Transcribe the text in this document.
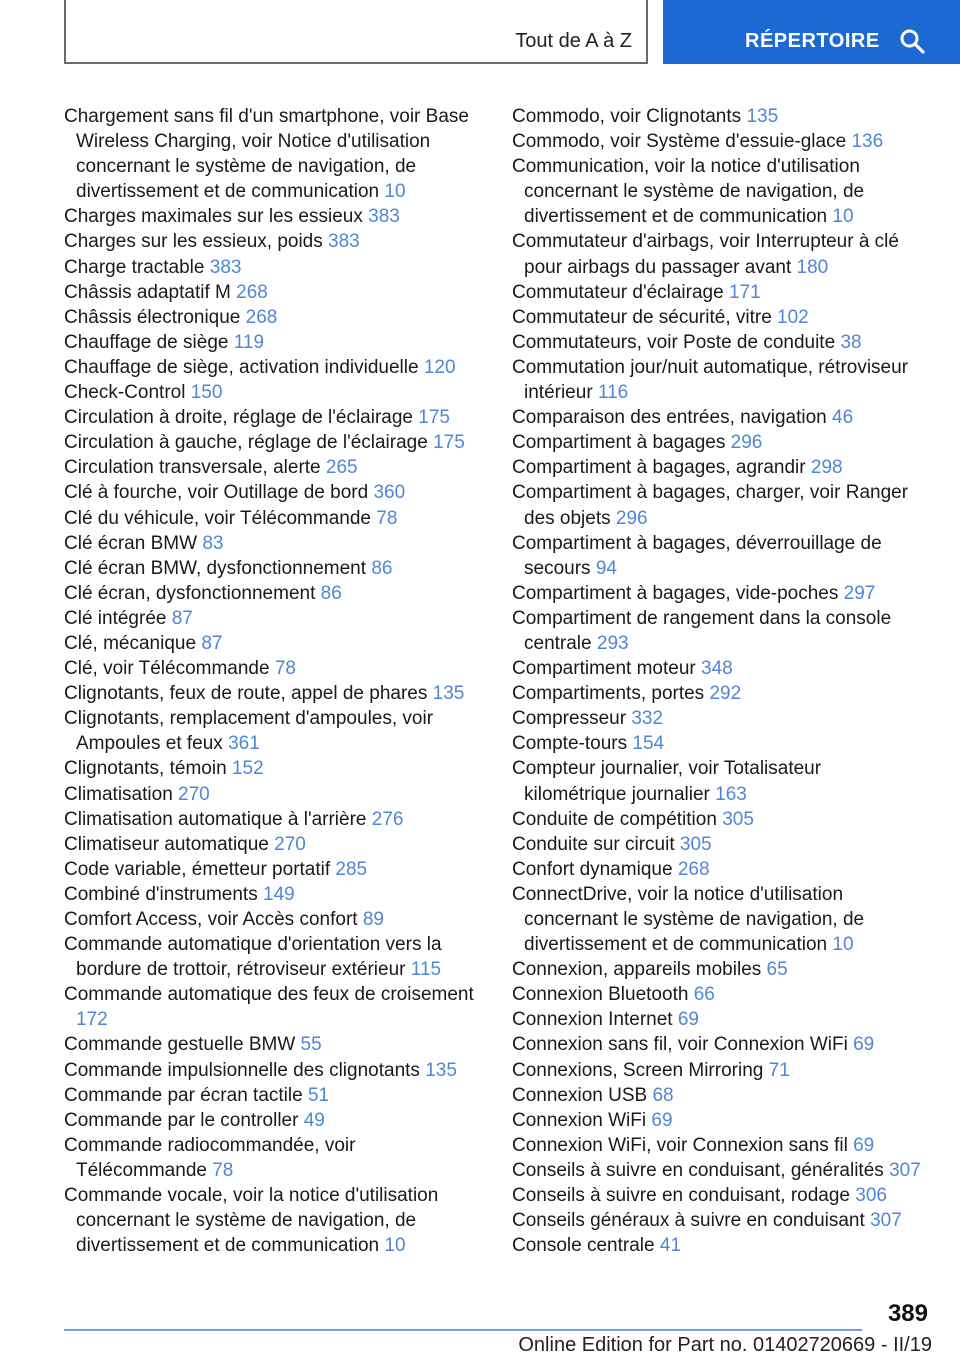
Tout de A à Z	RÉPERTOIRE
Chargement sans fil d'un smartphone, voir Base Wireless Charging, voir Notice d'utilisation concernant le système de navigation, de divertissement et de communication 10
Charges maximales sur les essieux 383
Charges sur les essieux, poids 383
Charge tractable 383
Châssis adaptatif M 268
Châssis électronique 268
Chauffage de siège 119
Chauffage de siège, activation individuelle 120
Check-Control 150
Circulation à droite, réglage de l'éclairage 175
Circulation à gauche, réglage de l'éclairage 175
Circulation transversale, alerte 265
Clé à fourche, voir Outillage de bord 360
Clé du véhicule, voir Télécommande 78
Clé écran BMW 83
Clé écran BMW, dysfonctionnement 86
Clé écran, dysfonctionnement 86
Clé intégrée 87
Clé, mécanique 87
Clé, voir Télécommande 78
Clignotants, feux de route, appel de phares 135
Clignotants, remplacement d'ampoules, voir Ampoules et feux 361
Clignotants, témoin 152
Climatisation 270
Climatisation automatique à l'arrière 276
Climatiseur automatique 270
Code variable, émetteur portatif 285
Combiné d'instruments 149
Comfort Access, voir Accès confort 89
Commande automatique d'orientation vers la bordure de trottoir, rétroviseur extérieur 115
Commande automatique des feux de croisement 172
Commande gestuelle BMW 55
Commande impulsionnelle des clignotants 135
Commande par écran tactile 51
Commande par le controller 49
Commande radiocommandée, voir Télécommande 78
Commande vocale, voir la notice d'utilisation concernant le système de navigation, de divertissement et de communication 10
Commodo, voir Clignotants 135
Commodo, voir Système d'essuie-glace 136
Communication, voir la notice d'utilisation concernant le système de navigation, de divertissement et de communication 10
Commutateur d'airbags, voir Interrupteur à clé pour airbags du passager avant 180
Commutateur d'éclairage 171
Commutateur de sécurité, vitre 102
Commutateurs, voir Poste de conduite 38
Commutation jour/nuit automatique, rétroviseur intérieur 116
Comparaison des entrées, navigation 46
Compartiment à bagages 296
Compartiment à bagages, agrandir 298
Compartiment à bagages, charger, voir Ranger des objets 296
Compartiment à bagages, déverrouillage de secours 94
Compartiment à bagages, vide-poches 297
Compartiment de rangement dans la console centrale 293
Compartiment moteur 348
Compartiments, portes 292
Compresseur 332
Compte-tours 154
Compteur journalier, voir Totalisateur kilométrique journalier 163
Conduite de compétition 305
Conduite sur circuit 305
Confort dynamique 268
ConnectDrive, voir la notice d'utilisation concernant le système de navigation, de divertissement et de communication 10
Connexion, appareils mobiles 65
Connexion Bluetooth 66
Connexion Internet 69
Connexion sans fil, voir Connexion WiFi 69
Connexions, Screen Mirroring 71
Connexion USB 68
Connexion WiFi 69
Connexion WiFi, voir Connexion sans fil 69
Conseils à suivre en conduisant, généralités 307
Conseils à suivre en conduisant, rodage 306
Conseils généraux à suivre en conduisant 307
Console centrale 41
389
Online Edition for Part no. 01402720669 - II/19
